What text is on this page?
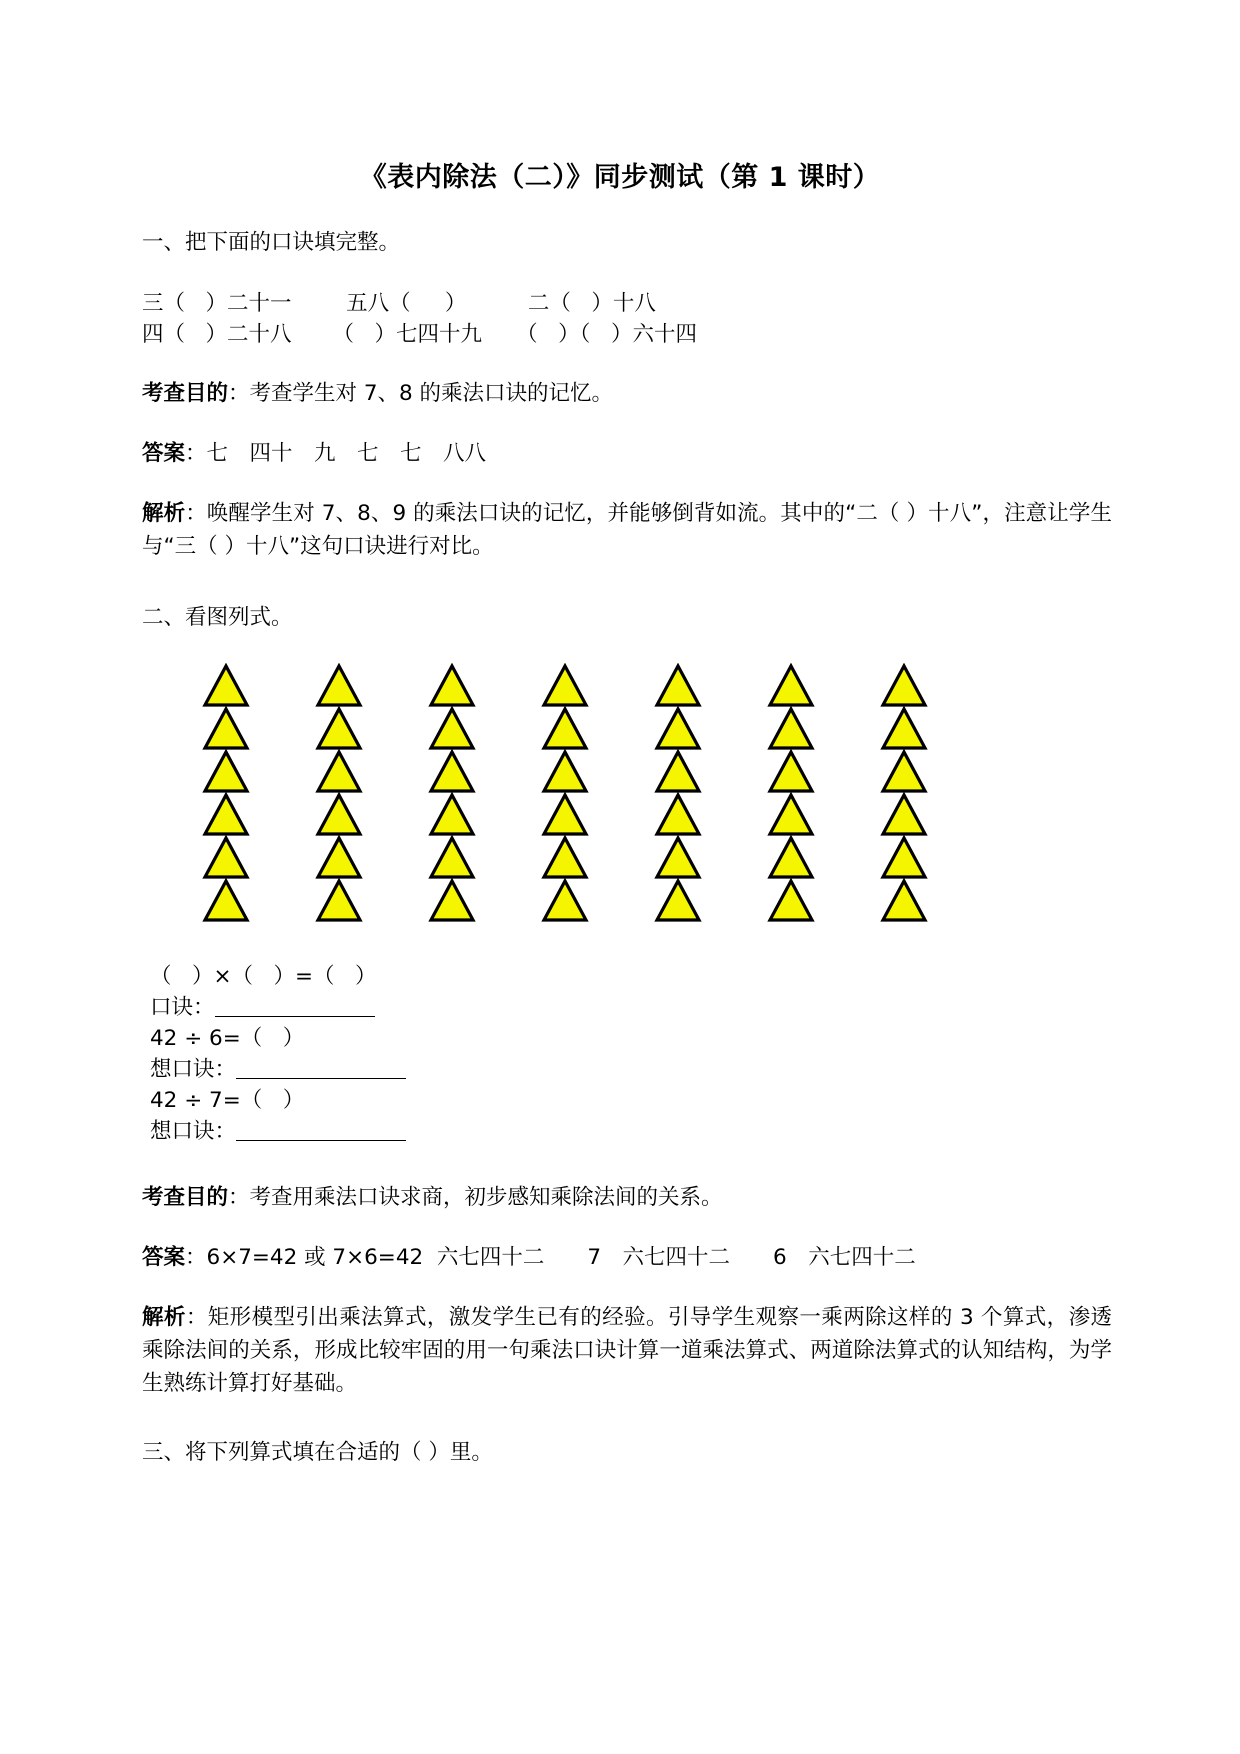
《表内除法（二）》同步测试（第 1 课时）
一、把下面的口诀填完整。
三（   ）二十一        五八（     ）         二（   ）十八
四（   ）二十八      （   ）七四十九     （   ）（   ）六十四
考查目的：考查学生对 7、8 的乘法口诀的记忆。
答案：七　四十　九　七　七　八八
解析：唤醒学生对 7、8、9 的乘法口诀的记忆，并能够倒背如流。其中的“二（ ）十八”，注意让学生与“三（ ）十八”这句口诀进行对比。
二、看图列式。
（   ）×（   ）=（   ）
口诀：
42 ÷ 6=（   ）
想口诀：
42 ÷ 7=（   ）
想口诀：
考查目的：考查用乘法口诀求商，初步感知乘除法间的关系。
答案：6×7=42 或 7×6=42  六七四十二　　7　六七四十二　　6　六七四十二
解析：矩形模型引出乘法算式，激发学生已有的经验。引导学生观察一乘两除这样的 3 个算式，渗透乘除法间的关系，形成比较牢固的用一句乘法口诀计算一道乘法算式、两道除法算式的认知结构，为学生熟练计算打好基础。
三、将下列算式填在合适的（ ）里。
